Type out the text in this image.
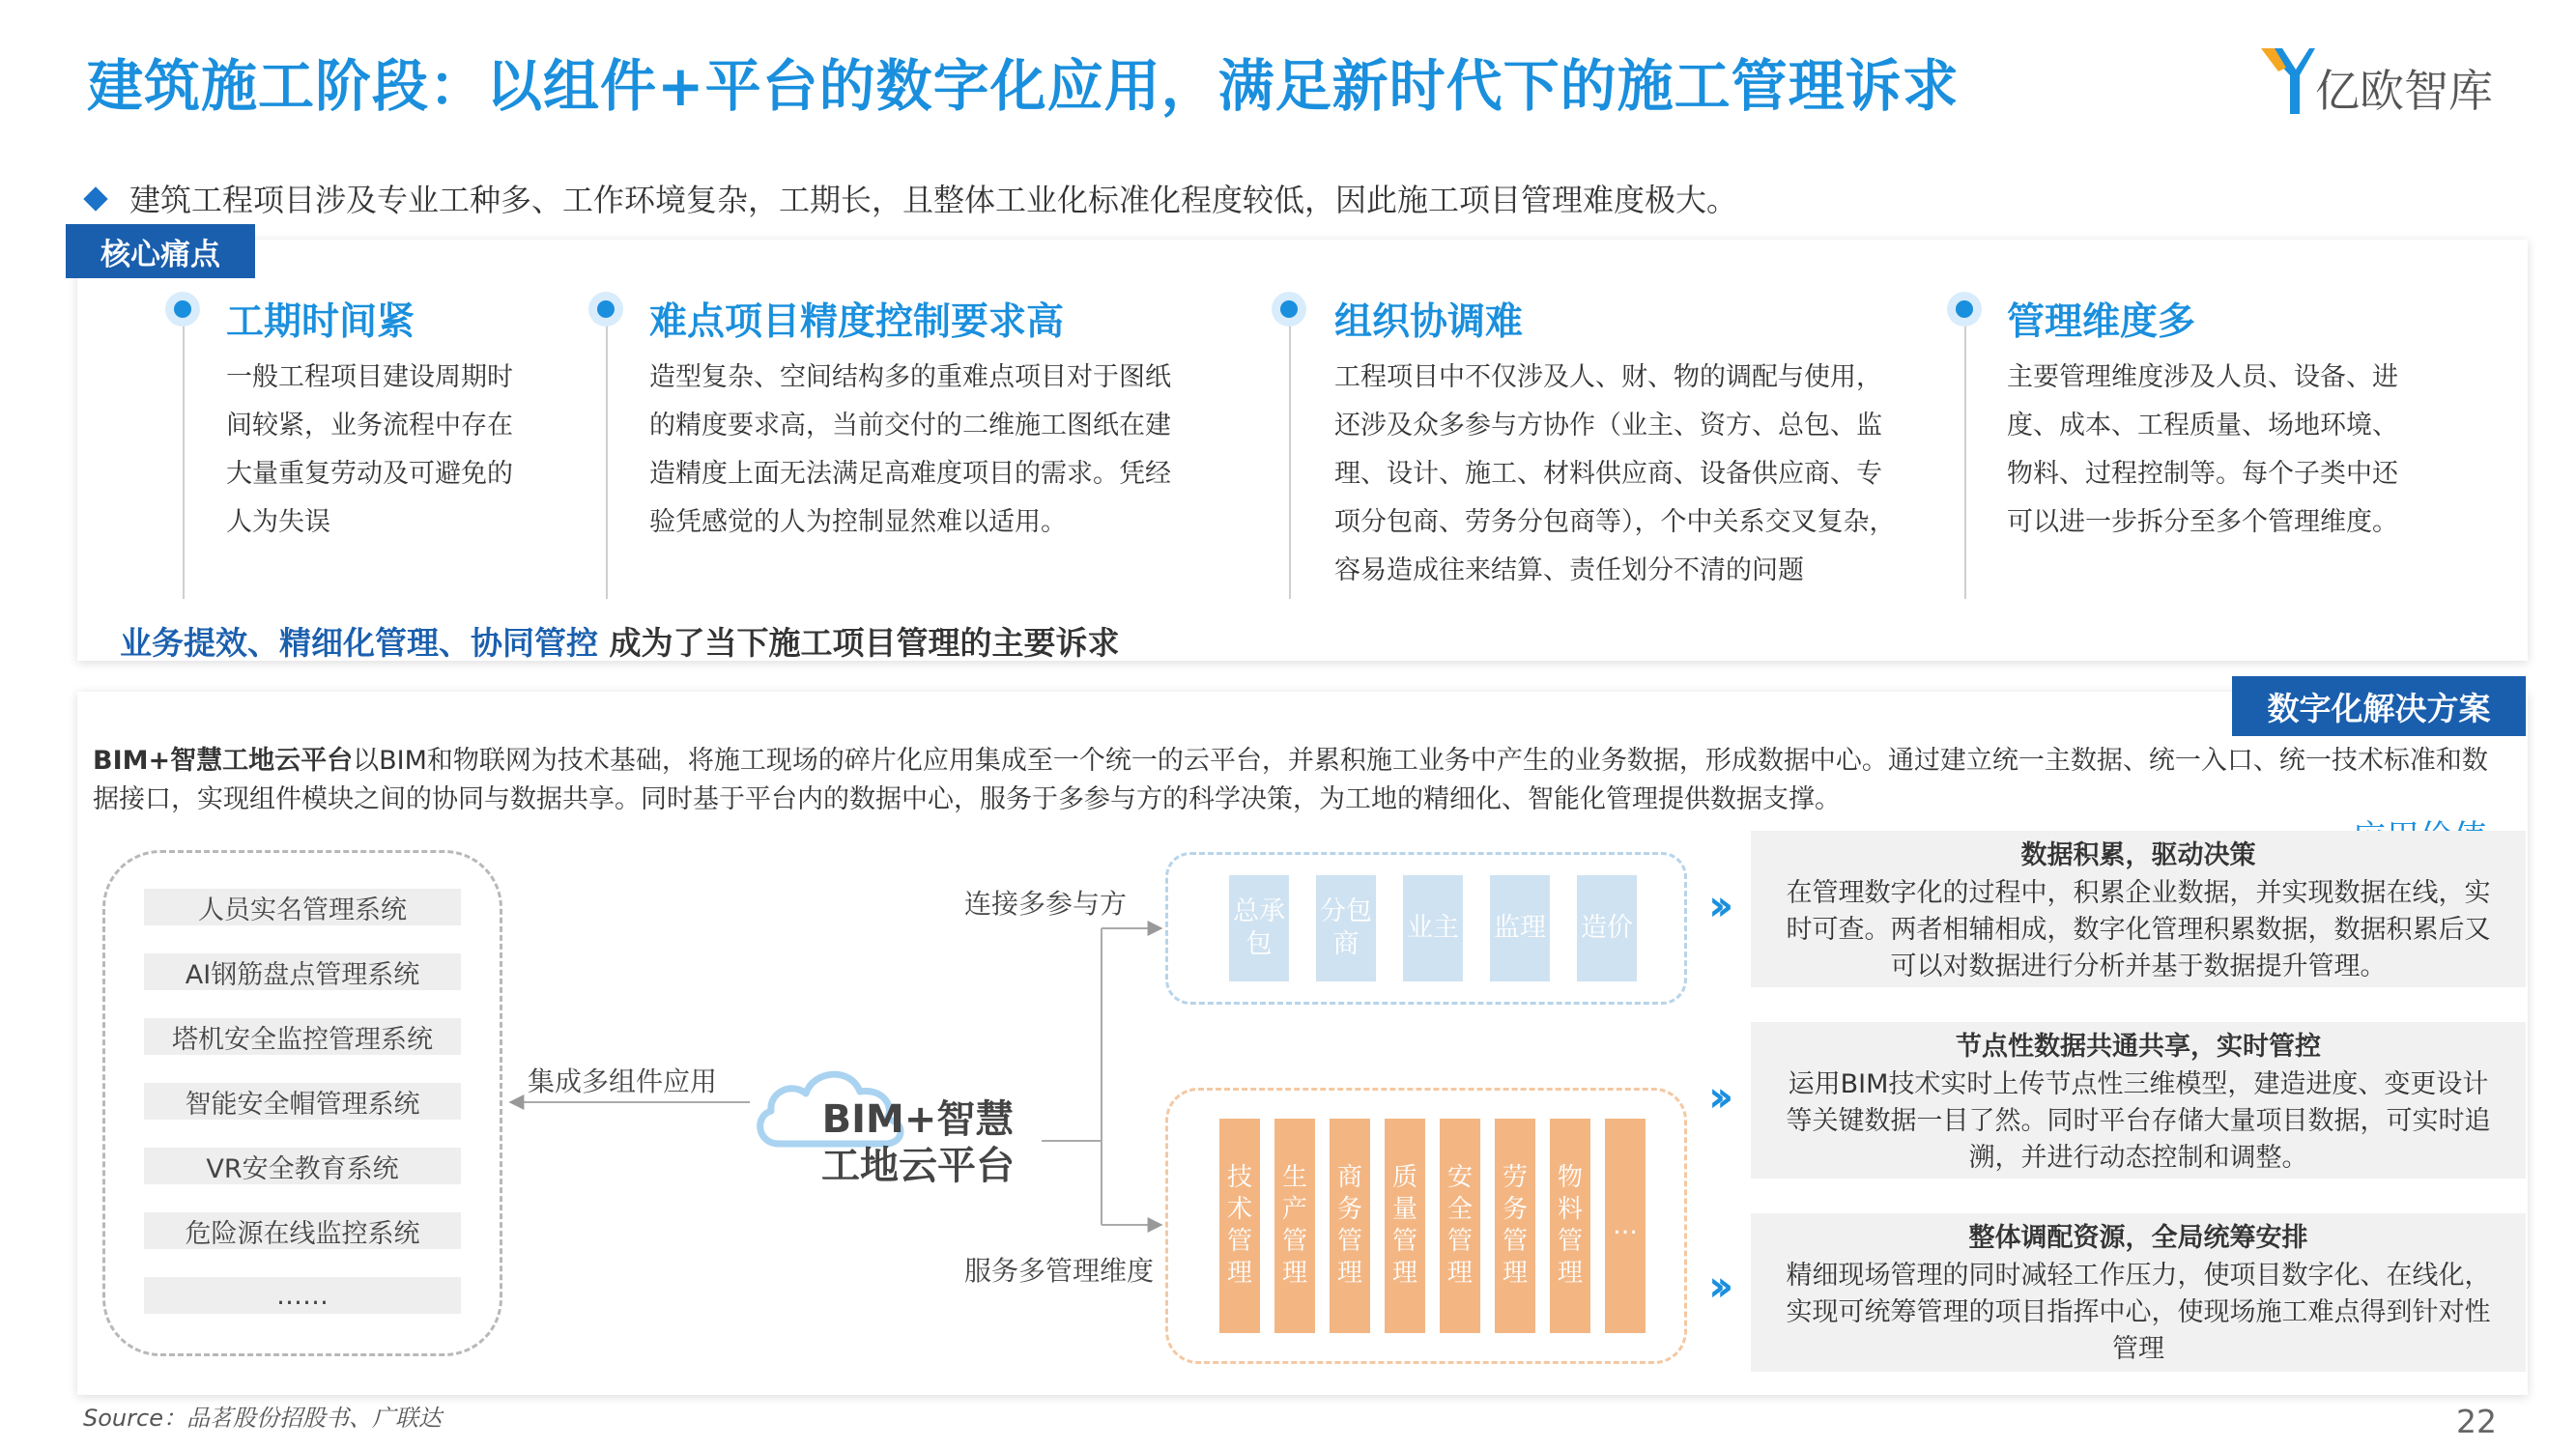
建筑施工阶段：以组件+平台的数字化应用，满足新时代下的施工管理诉求	亿欧智库
建筑工程项目涉及专业工种多、工作环境复杂，工期长，且整体工业化标准化程度较低，因此施工项目管理难度极大。
核心痛点
工期时间紧
一般工程项目建设周期时
间较紧，业务流程中存在
大量重复劳动及可避免的
人为失误
难点项目精度控制要求高
造型复杂、空间结构多的重难点项目对于图纸
的精度要求高，当前交付的二维施工图纸在建
造精度上面无法满足高难度项目的需求。凭经
验凭感觉的人为控制显然难以适用。
组织协调难
工程项目中不仅涉及人、财、物的调配与使用，
还涉及众多参与方协作（业主、资方、总包、监
理、设计、施工、材料供应商、设备供应商、专
项分包商、劳务分包商等），个中关系交叉复杂，
容易造成往来结算、责任划分不清的问题
管理维度多
主要管理维度涉及人员、设备、进
度、成本、工程质量、场地环境、
物料、过程控制等。每个子类中还
可以进一步拆分至多个管理维度。
业务提效、精细化管理、协同管控 成为了当下施工项目管理的主要诉求
数字化解决方案
BIM+智慧工地云平台以BIM和物联网为技术基础，将施工现场的碎片化应用集成至一个统一的云平台，并累积施工业务中产生的业务数据，形成数据中心。通过建立统一主数据、统一入口、统一技术标准和数据接口，实现组件模块之间的协同与数据共享。同时基于平台内的数据中心，服务于多参与方的科学决策，为工地的精细化、智能化管理提供数据支撑。
人员实名管理系统
AI钢筋盘点管理系统
塔机安全监控管理系统
智能安全帽管理系统
VR安全教育系统
危险源在线监控系统
……
集成多组件应用
连接多参与方
服务多管理维度
BIM+智慧
工地云平台
总承包
分包商
业主 监理 造价
技术管理
生产管理
商务管理
质量管理
安全管理
劳务管理
物料管理
…
››
数据积累，驱动决策
在管理数字化的过程中，积累企业数据，并实现数据在线，实
时可查。两者相辅相成，数字化管理积累数据，数据积累后又
可以对数据进行分析并基于数据提升管理。
››
节点性数据共通共享，实时管控
运用BIM技术实时上传节点性三维模型，建造进度、变更设计
等关键数据一目了然。同时平台存储大量项目数据，可实时追
溯，并进行动态控制和调整。
››
整体调配资源，全局统筹安排
精细现场管理的同时减轻工作压力，使项目数字化、在线化，
实现可统筹管理的项目指挥中心，使现场施工难点得到针对性
管理
Source：品茗股份招股书、广联达	22
